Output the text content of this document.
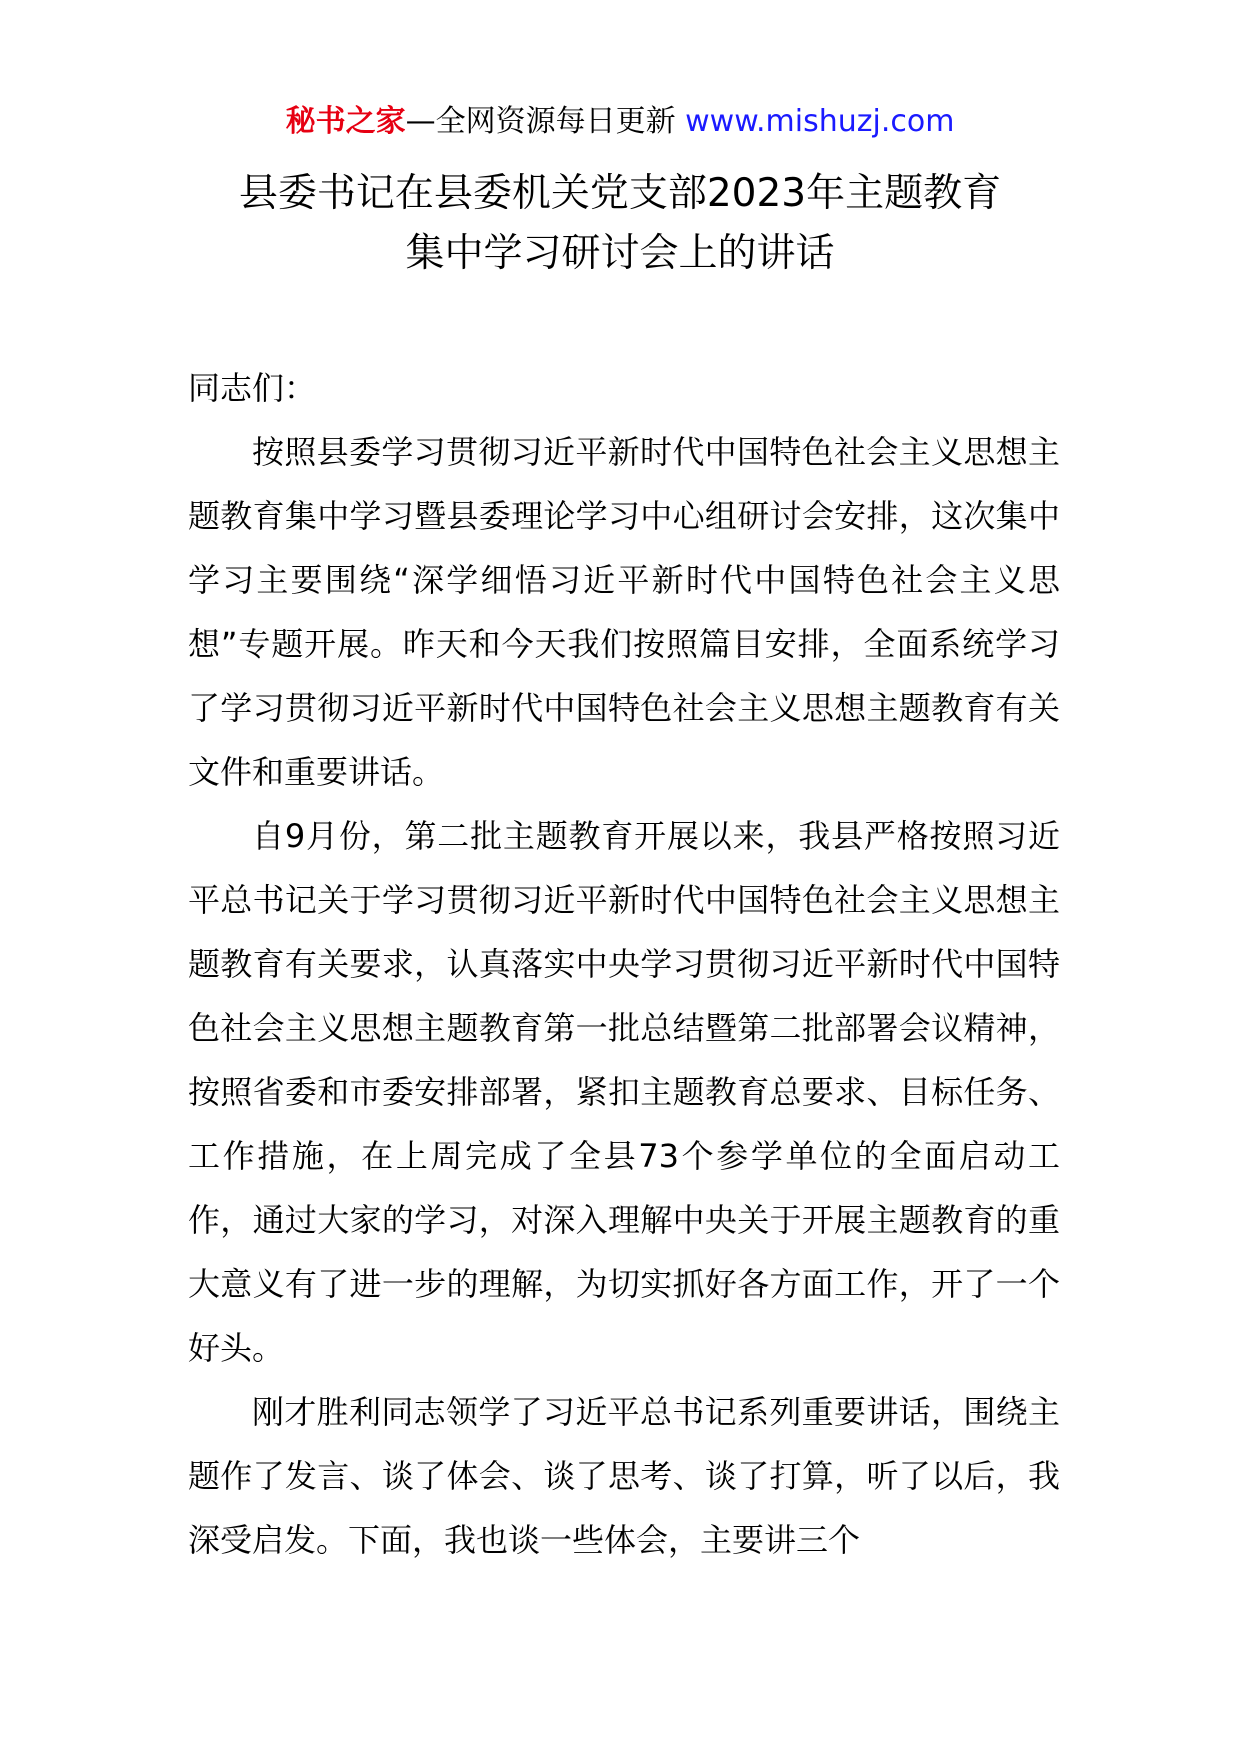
秘书之家—全网资源每日更新 www.mishuzj.com
县委书记在县委机关党支部2023年主题教育
集中学习研讨会上的讲话

同志们：

按照县委学习贯彻习近平新时代中国特色社会主义思想主题教育集中学习暨县委理论学习中心组研讨会安排，这次集中学习主要围绕“深学细悟习近平新时代中国特色社会主义思想”专题开展。昨天和今天我们按照篇目安排，全面系统学习了学习贯彻习近平新时代中国特色社会主义思想主题教育有关文件和重要讲话。

自9月份，第二批主题教育开展以来，我县严格按照习近平总书记关于学习贯彻习近平新时代中国特色社会主义思想主题教育有关要求，认真落实中央学习贯彻习近平新时代中国特色社会主义思想主题教育第一批总结暨第二批部署会议精神，按照省委和市委安排部署，紧扣主题教育总要求、目标任务、工作措施，在上周完成了全县73个参学单位的全面启动工作，通过大家的学习，对深入理解中央关于开展主题教育的重大意义有了进一步的理解，为切实抓好各方面工作，开了一个好头。

刚才胜利同志领学了习近平总书记系列重要讲话，围绕主题作了发言、谈了体会、谈了思考、谈了打算，听了以后，我深受启发。下面，我也谈一些体会，主要讲三个
